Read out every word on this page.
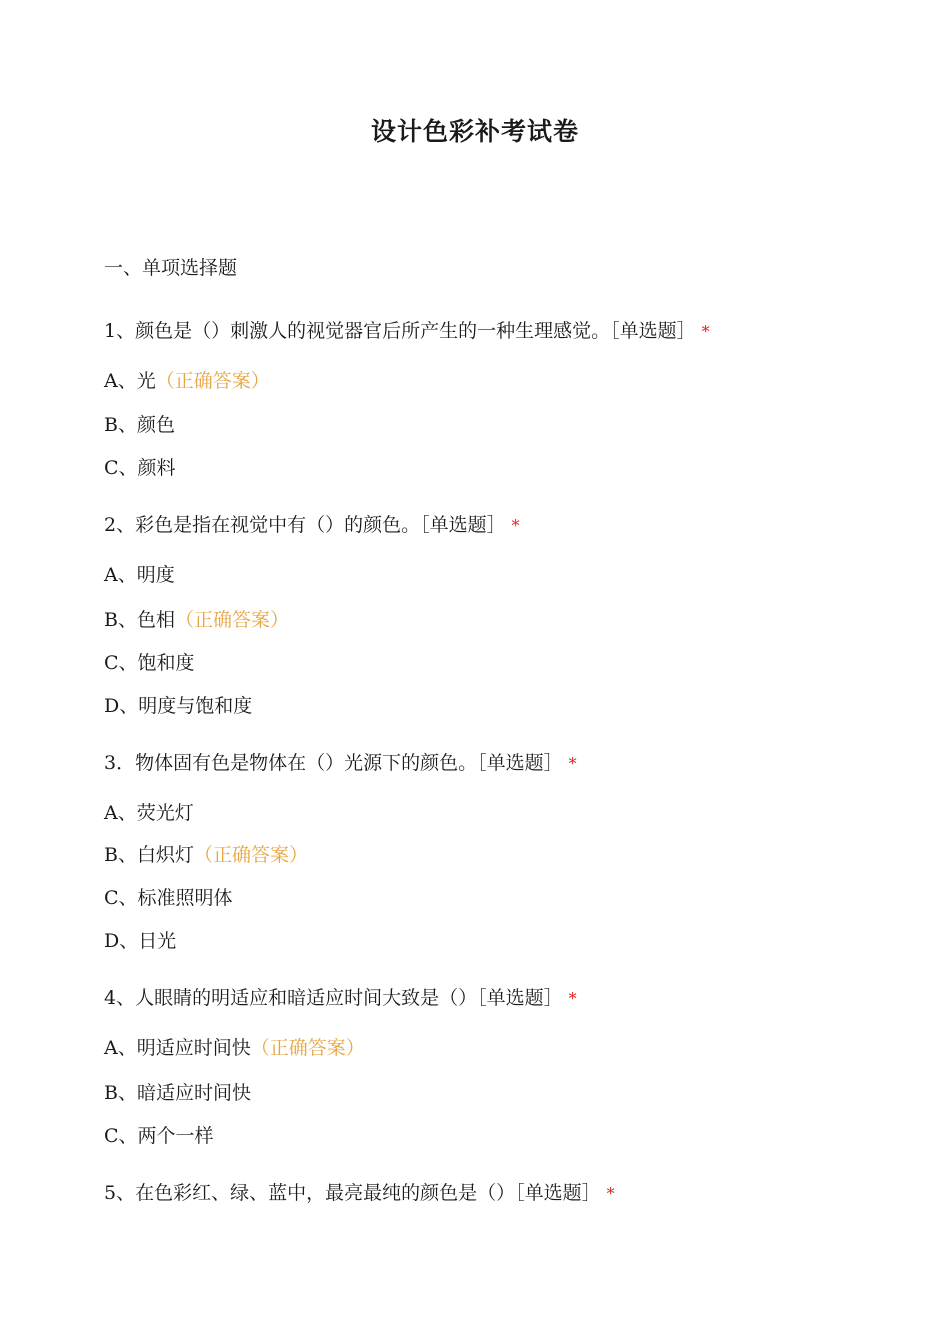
设计色彩补考试卷
一、单项选择题
1、颜色是（）刺激人的视觉器官后所产生的一种生理感觉。［单选题］ *
A、光（正确答案）
B、颜色
C、颜料
2、彩色是指在视觉中有（）的颜色。［单选题］ *
A、明度
B、色相（正确答案）
C、饱和度
D、明度与饱和度
3．物体固有色是物体在（）光源下的颜色。［单选题］ *
A、荧光灯
B、白炽灯（正确答案）
C、标准照明体
D、日光
4、人眼睛的明适应和暗适应时间大致是（）［单选题］ *
A、明适应时间快（正确答案）
B、暗适应时间快
C、两个一样
5、在色彩红、绿、蓝中，最亮最纯的颜色是（）［单选题］ *
